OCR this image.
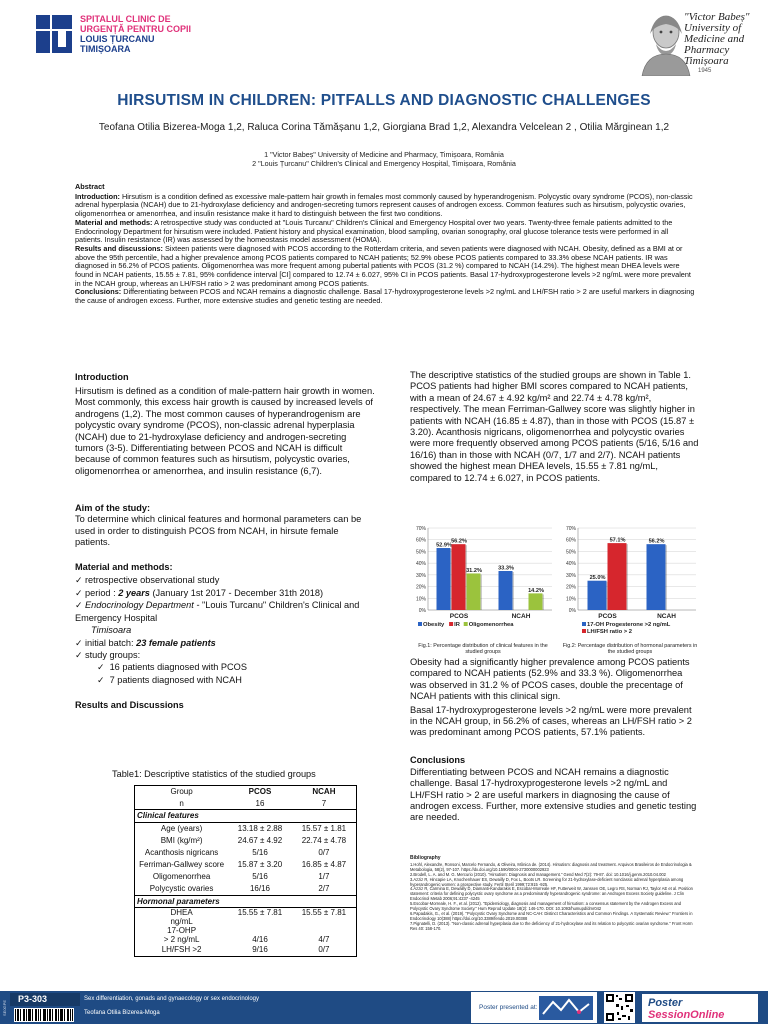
SPITALUL CLINIC DE
URGENȚĂ PENTRU COPII
LOUIS ȚURCANU
TIMIȘOARA
"Victor Babeș"
University of
Medicine and
Pharmacy
Timișoara
1945
HIRSUTISM IN CHILDREN: PITFALLS AND DIAGNOSTIC CHALLENGES
Teofana Otilia Bizerea-Moga 1,2, Raluca Corina Tămășanu 1,2, Giorgiana Brad 1,2, Alexandra Velcelean 2 , Otilia Mărginean 1,2
1 "Victor Babeș" University of Medicine and Pharmacy, Timișoara, România
2 "Louis Țurcanu" Children's Clinical and Emergency Hospital, Timișoara, România

Abstract

Introduction: Hirsutism is a condition defined as excessive male-pattern hair growth in females most commonly caused by hyperandrogenism. Polycystic ovary syndrome (PCOS), non-classic adrenal hyperplasia (NCAH) due to 21-hydroxylase deficiency and androgen-secreting tumors represent causes of androgen excess. Common features such as hirsutism, polycystic ovaries, oligomenorrhea or amenorrhea, and insulin resistance make it hard to distinguish between the first two conditions.

Material and methods: A retrospective study was conducted at "Louis Turcanu" Children's Clinical and Emergency Hospital over two years. Twenty-three female patients admitted to the Endocrinology Department for hirsutism were included. Patient history and physical examination, blood sampling, ovarian sonography, oral glucose tolerance tests were performed in all patients. Insulin resistance (IR) was assessed by the homeostasis model assessment (HOMA).

Results and discussions: Sixteen patients were diagnosed with PCOS according to the Rotterdam criteria, and seven patients were diagnosed with NCAH. Obesity, defined as a BMI at or above the 95th percentile, had a higher prevalence among PCOS patients compared to NCAH patients; 52.9% obese PCOS patients compared to 33.3% obese NCAH patients. IR was diagnosed in 56.2% of PCOS patients. Oligomenorrhea was more frequent among pubertal patients with PCOS (31.2 %) compared to NCAH (14.2%). The highest mean DHEA levels were found in NCAH patients, 15.55 ± 7.81, 95% confidence interval [CI] compared to 12.74 ± 6.027, 95% CI in PCOS patients. Basal 17-hydroxyprogesterone levels >2 ng/mL were more prevalent in the NCAH group, whereas an LH/FSH ratio > 2 was predominant among PCOS patients.

Conclusions: Differentiating between PCOS and NCAH remains a diagnostic challenge. Basal 17-hydroxyprogesterone levels >2 ng/mL and LH/FSH ratio > 2 are useful markers in diagnosing the cause of androgen excess. Further, more extensive studies and genetic testing are needed.

Introduction
Hirsutism is defined as a condition of male-pattern hair growth in women. Most commonly, this excess hair growth is caused by increased levels of androgens (1,2). The most common causes of hyperandrogenism are polycystic ovary syndrome (PCOS), non-classic adrenal hyperplasia (NCAH) due to 21-hydroxylase deficiency and androgen-secreting tumors (3-5). Differentiating between PCOS and NCAH is difficult because of common features such as hirsutism, polycystic ovaries, oligomenorrhea or amenorrhea, and insulin resistance (6,7).
Aim of the study:
To determine which clinical features and hormonal parameters can be used in order to distinguish PCOS from NCAH, in hirsute female patients.
Material and methods:
✓ retrospective observational study
✓ period : 2 years (January 1st 2017 - December 31th 2018)
✓ Endocrinology Department - "Louis Turcanu" Children's Clinical and Emergency Hospital
Timisoara
✓ initial batch: 23 female patients
✓ study groups:
✓ 16 patients diagnosed with PCOS
✓ 7 patients diagnosed with NCAH
Results and Discussions
Table1: Descriptive statistics of the studied groups
Group	PCOS	NCAH
n	16	7
Clinical features		
Age (years)	13.18 ± 2.88	15.57 ± 1.81
BMI (kg/m²)	24.67 ± 4.92	22.74 ± 4.78
Acanthosis nigricans	5/16	0/7
Ferriman-Gallwey score	15.87 ± 3.20	16.85 ± 4.87
Oligomenorrhea	5/16	1/7
Polycystic ovaries	16/16	2/7
Hormonal parameters		

DHEA
ng/mL	15.55 ± 7.81	15.55 ± 7.81

17-OHP
> 2 ng/mL	4/16	4/7
LH/FSH >2	9/16	0/7
The descriptive statistics of the studied groups are shown in Table 1. PCOS patients had higher BMI scores compared to NCAH patients, with a mean of 24.67 ± 4.92 kg/m² and 22.74 ± 4.78 kg/m², respectively. The mean Ferriman-Gallwey score was slightly higher in patients with NCAH (16.85 ± 4.87), than in those with PCOS (15.87 ± 3.20). Acanthosis nigricans, oligomenorrhea and polycystic ovaries were more frequently observed among PCOS patients (5/16, 5/16 and 16/16) than in those with NCAH (0/7, 1/7 and 2/7). NCAH patients showed the highest mean DHEA levels, 15.55 ± 7.81 ng/mL, compared to 12.74 ± 6.027, in PCOS patients.
0%
10%
20%
30%
40%
50%
60%
70%
52.9%
56.2%
31.2%
PCOS
33.3%
14.2%
NCAH
Obesity IR Oligomenorrhea
Fig.1: Percentage distribution of clinical features in the studied groups
0%
10%
20%
30%
40%
50%
60%
70%
25.0%
57.1%
PCOS
56.2%
NCAH
17-OH Progesterone >2 ng/mL
LH/FSH ratio > 2
Fig.2: Percentage distribution of hormonal parameters in the studied groups
Obesity had a significantly higher prevalence among PCOS patients compared to NCAH patients (52.9% and 33.3 %). Oligomenorrhea was observed in 31.2 % of PCOS cases, double the precentage of NCAH patients with this clinical sign.
Basal 17-hydroxyprogesterone levels >2 ng/mL were more prevalent in the NCAH group, in 56.2% of cases, whereas an LH/FSH ratio > 2 was predominant among PCOS patients, 57.1% patients.
Conclusions
Differentiating between PCOS and NCAH remains a diagnostic challenge. Basal 17-hydroxyprogesterone levels >2 ng/mL and LH/FSH ratio > 2 are useful markers in diagnosing the cause of androgen excess. Further, more extensive studies and genetic testing are needed.
Bibliography
1.Hohl, Alexandre, Ronsoni, Marcelo Fernando, & Oliveira, Mônica de. (2014). Hirsutism: diagnosis and treatment. Arquivos Brasileiros de Endocrinologia & Metabologia, 58(2), 97-107. https://dx.doi.org/10.1590/0004-2730000002923
2.Brodell, L. A. and M. G. Mercurio (2010). "Hirsutism: Diagnosis and management." Gend Med 7(2): 79-87. doi: 10.1016/j.genm.2010.04.002
3.Azziz R, Hincapie LA, Knochenhauer ES, Dewailly D, Fox L, Boots LR. Screening for 21-hydroxylase-deficient nonclassic adrenal hyperplasia among hyperandrogenic women: a prospective study. Fertil Steril 1999;72:915 -925.
4.Azziz R, Carmina E, Dewailly D, Diamanti-Kandarakis E, Escobar-Morreale HF, Futterweit W, Janssen OE, Legro RS, Norman RJ, Taylor AE et al. Position statement: criteria for defining polycystic ovary syndrome as a predominantly hyperandrogenic syndrome: an Androgen Excess Society guideline. J Clin Endocrinol Metab 2006;91:4237 -4245
5.Escobar-Morreale, H. F., et al. (2012). "Epidemiology, diagnosis and management of hirsutism: a consensus statement by the Androgen Excess and Polycystic Ovary Syndrome Society." Hum Reprod Update 18(2): 146-170. DOI: 10.1093/humupd/dmr042
6.Papadakis, G., et al. (2019). "Polycystic Ovary Syndrome and NC-CAH: Distinct Characteristics and Common Findings. A Systematic Review." Frontiers in Endocrinology 10(388) https://doi.org/10.3389/fendo.2019.00388
7.Pignatelli, D. (2013). "Non-classic adrenal hyperplasia due to the deficiency of 21-hydroxylase and its relation to polycystic ovarian syndrome." Front Horm Res 40: 158-170.
SE0GPE
P3-303	Sex differentiation, gonads and gynaecology or sex endocrinology
Teofana Otilia Bizerea-Moga
Poster presented at:	Poster
SessionOnline
